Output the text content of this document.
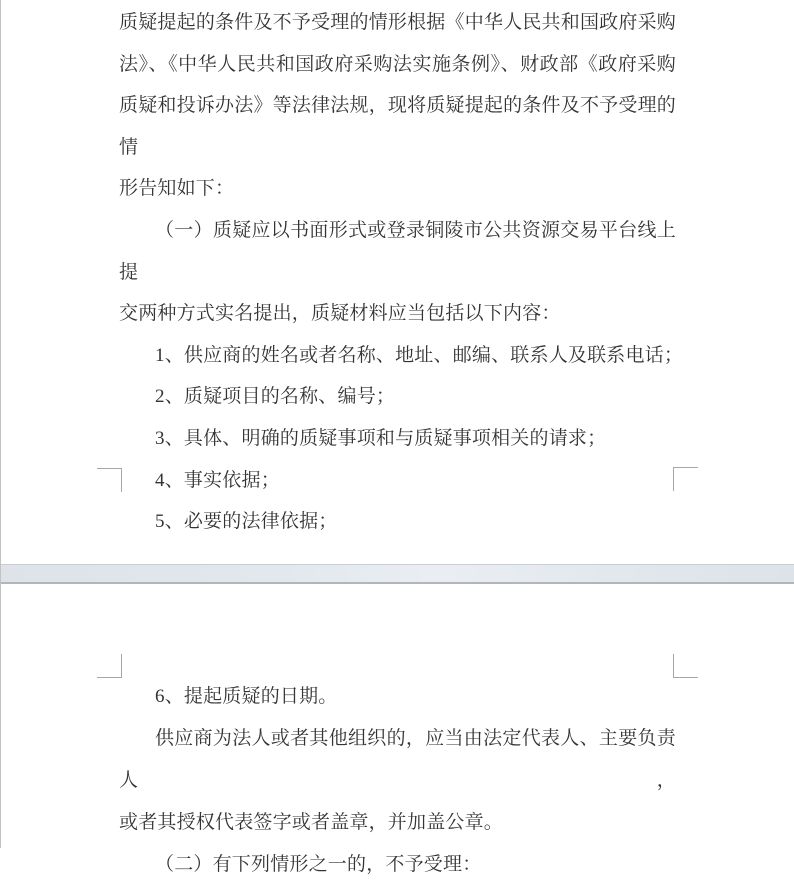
质疑提起的条件及不予受理的情形根据《中华人民共和国政府采购
法》、《中华人民共和国政府采购法实施条例》、财政部《政府采购
质疑和投诉办法》等法律法规，现将质疑提起的条件及不予受理的情
形告知如下：
（一）质疑应以书面形式或登录铜陵市公共资源交易平台线上提
交两种方式实名提出，质疑材料应当包括以下内容：
1、供应商的姓名或者名称、地址、邮编、联系人及联系电话；
2、质疑项目的名称、编号；
3、具体、明确的质疑事项和与质疑事项相关的请求；
4、事实依据；
5、必要的法律依据；
6、提起质疑的日期。
供应商为法人或者其他组织的，应当由法定代表人、主要负责人，
或者其授权代表签字或者盖章，并加盖公章。
（二）有下列情形之一的，不予受理：
